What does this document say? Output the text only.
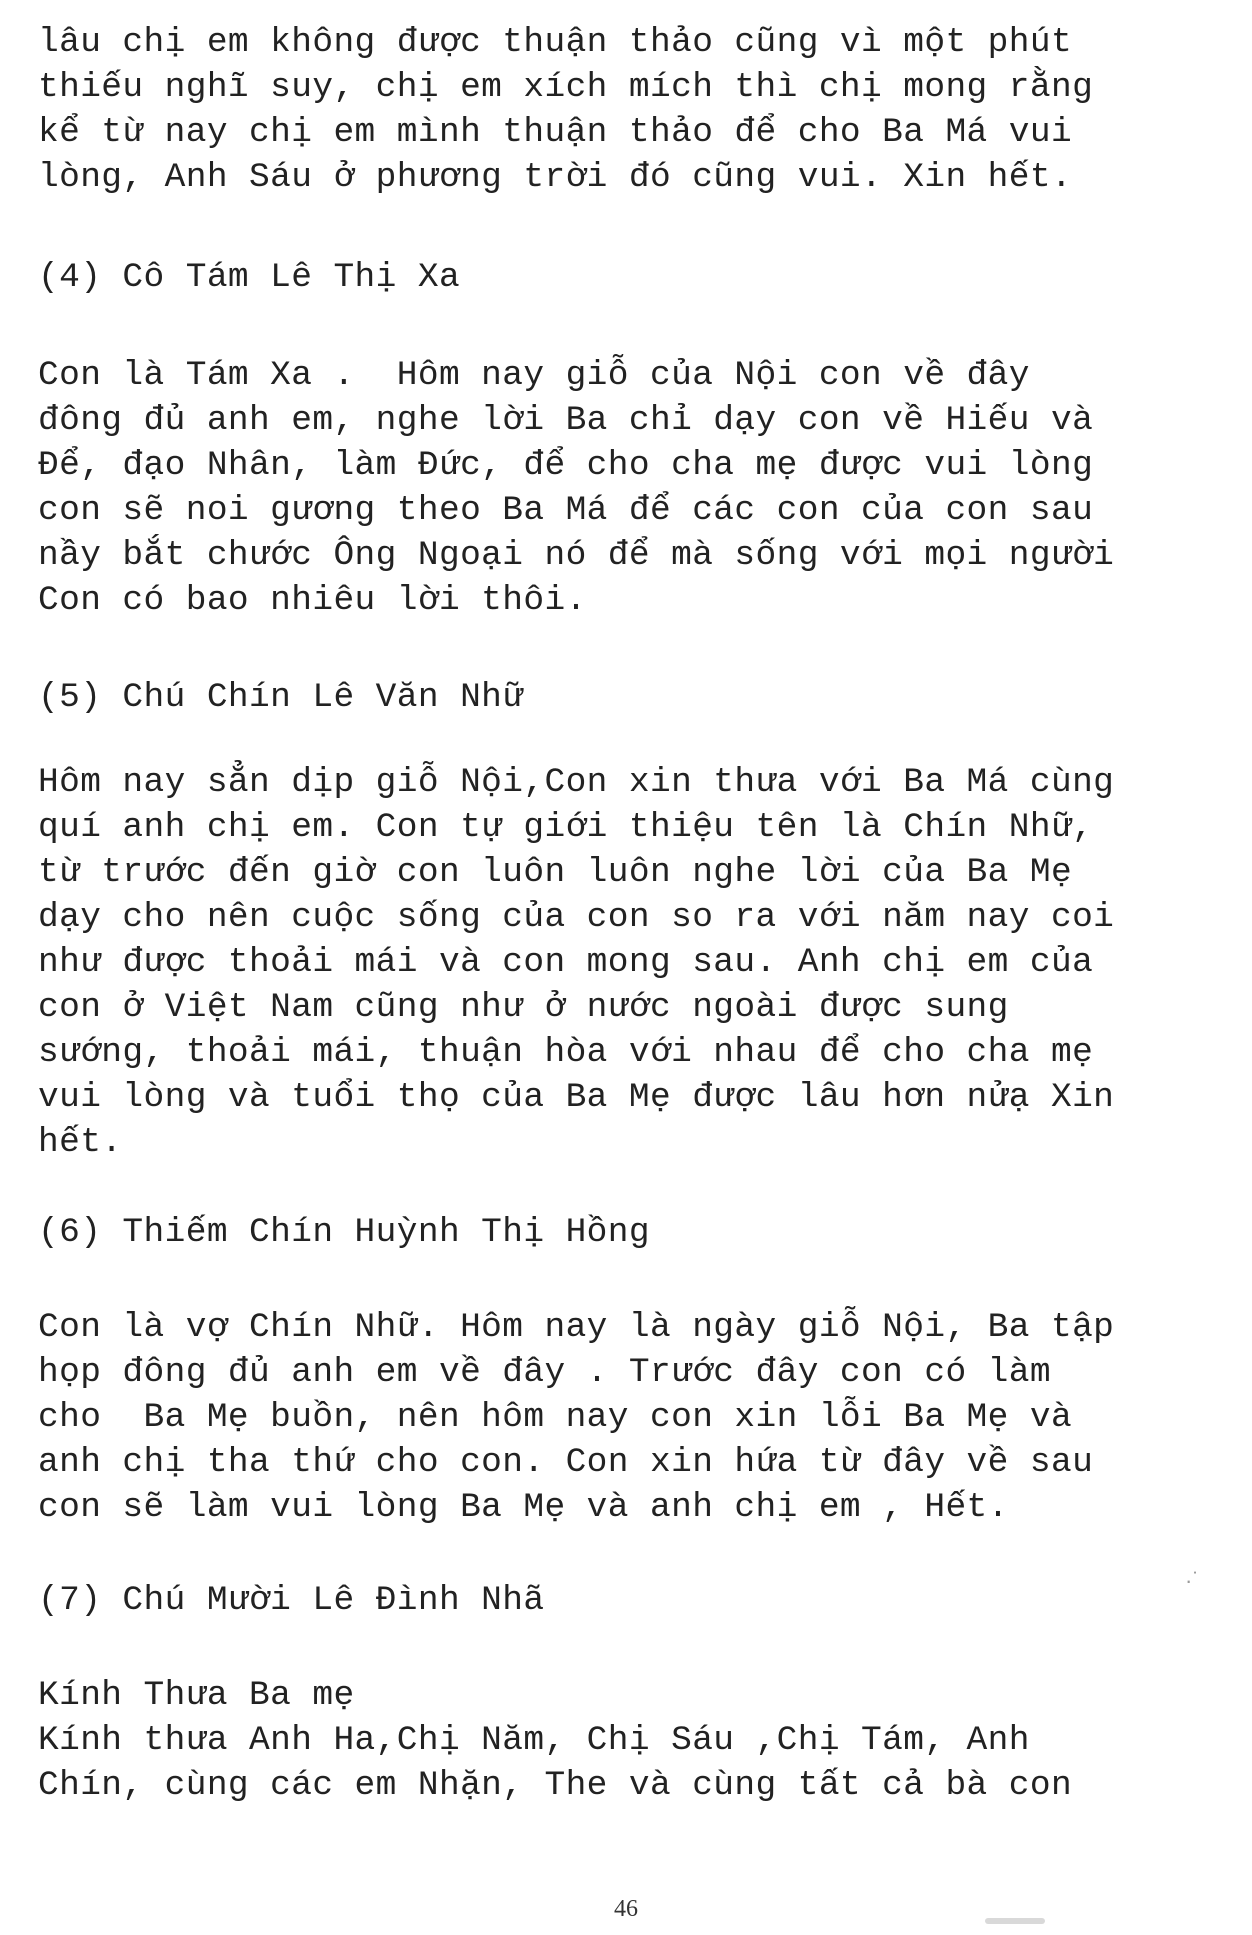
lâu chị em không được thuận thảo cũng vì một phút
thiếu nghĩ suy, chị em xích mích thì chị mong rằng
kể từ nay chị em mình thuận thảo để cho Ba Má vui
lòng, Anh Sáu ở phương trời đó cũng vui. Xin hết.
(4) Cô Tám Lê Thị Xa
Con là Tám Xa .  Hôm nay giỗ của Nội con về đây
đông đủ anh em, nghe lời Ba chỉ dạy con về Hiếu và
Để, đạo Nhân, làm Đức, để cho cha mẹ được vui lòng
con sẽ noi gương theo Ba Má để các con của con sau
nầy bắt chước Ông Ngoại nó để mà sống với mọi người
Con có bao nhiêu lời thôi.
(5) Chú Chín Lê Văn Nhữ
Hôm nay sẳn dịp giỗ Nội,Con xin thưa với Ba Má cùng
quí anh chị em. Con tự giới thiệu tên là Chín Nhữ,
từ trước đến giờ con luôn luôn nghe lời của Ba Mẹ
dạy cho nên cuộc sống của con so ra với năm nay coi
như được thoải mái và con mong sau. Anh chị em của
con ở Việt Nam cũng như ở nước ngoài được sung
sướng, thoải mái, thuận hòa với nhau để cho cha mẹ
vui lòng và tuổi thọ của Ba Mẹ được lâu hơn nửạ Xin
hết.
(6) Thiếm Chín Huỳnh Thị Hồng
Con là vợ Chín Nhữ. Hôm nay là ngày giỗ Nội, Ba tập
họp đông đủ anh em về đây . Trước đây con có làm
cho  Ba Mẹ buồn, nên hôm nay con xin lỗi Ba Mẹ và
anh chị tha thứ cho con. Con xin hứa từ đây về sau
con sẽ làm vui lòng Ba Mẹ và anh chị em , Hết.
(7) Chú Mười Lê Đình Nhã
Kính Thưa Ba mẹ
Kính thưa Anh Ha,Chị Năm, Chị Sáu ,Chị Tám, Anh
Chín, cùng các em Nhặn, The và cùng tất cả bà con
·˙
46
